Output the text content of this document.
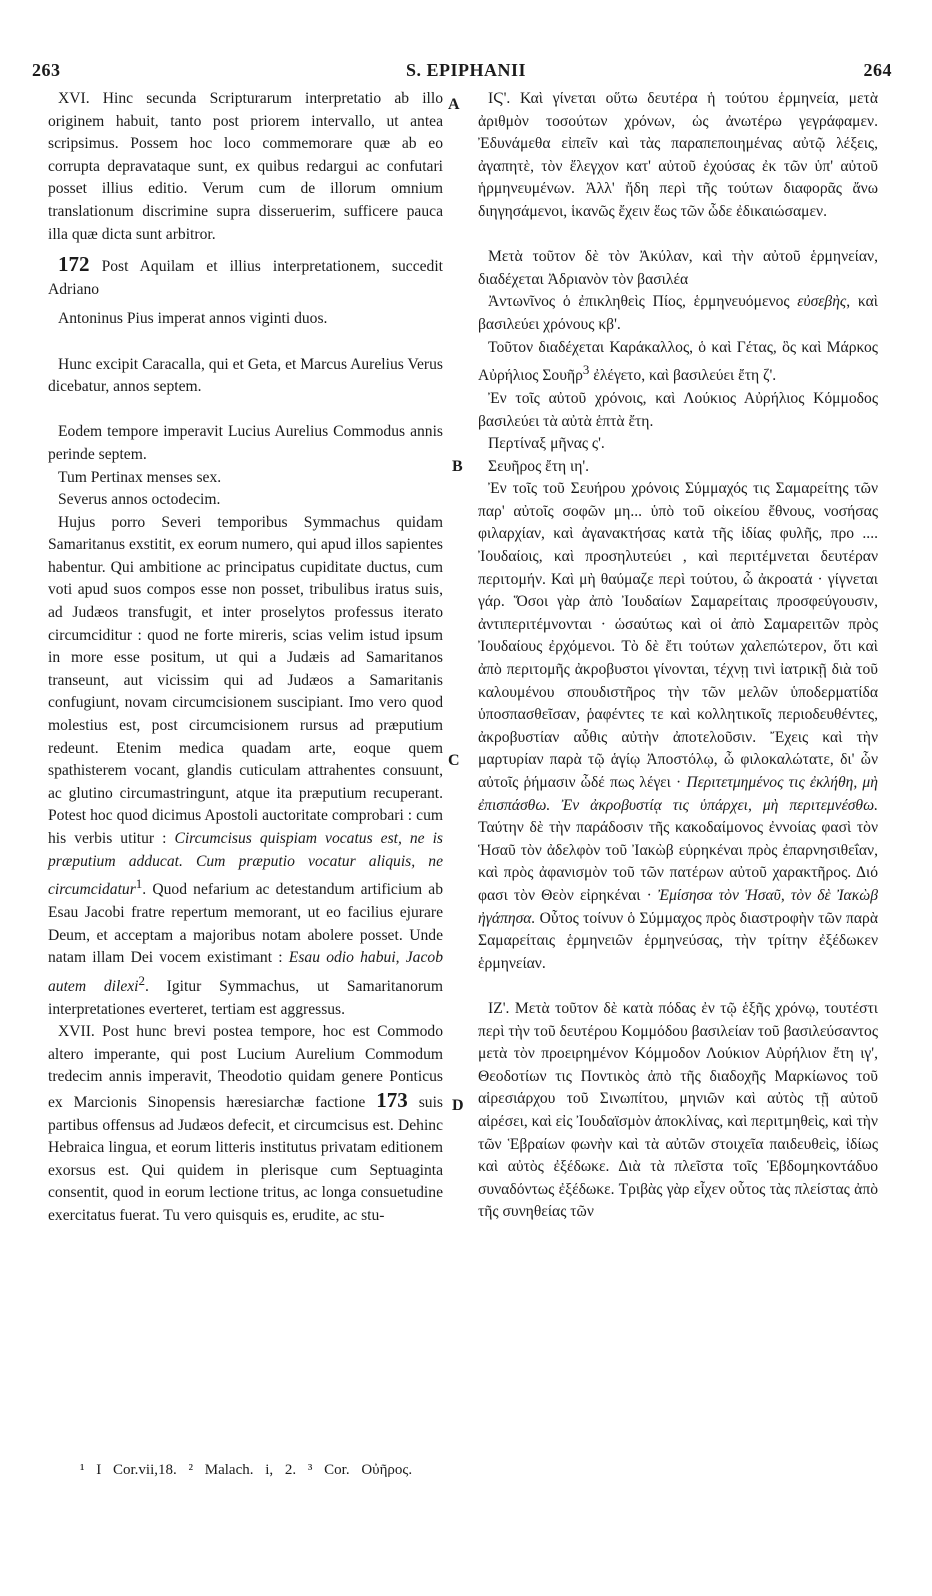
263	S. EPIPHANII	264
A
B
C
D

XVI. Hinc secunda Scripturarum interpretatio ab illo originem habuit, tanto post priorem intervallo, ut antea scripsimus. Possem hoc loco commemorare quæ ab eo corrupta depravataque sunt, ex quibus redargui ac confutari posset illius editio. Verum cum de illorum omnium translationum discrimine supra disseruerim, sufficere pauca illa quæ dicta sunt arbitror.

172 Post Aquilam et illius interpretationem, succedit Adriano

Antoninus Pius imperat annos viginti duos.

Hunc excipit Caracalla, qui et Geta, et Marcus Aurelius Verus dicebatur, annos septem.

Eodem tempore imperavit Lucius Aurelius Commodus annis perinde septem.

Tum Pertinax menses sex.

Severus annos octodecim.

Hujus porro Severi temporibus Symmachus quidam Samaritanus exstitit, ex eorum numero, qui apud illos sapientes habentur. Qui ambitione ac principatus cupiditate ductus, cum voti apud suos compos esse non posset, tribulibus iratus suis, ad Judæos transfugit, et inter proselytos professus iterato circumciditur : quod ne forte mireris, scias velim istud ipsum in more esse positum, ut qui a Judæis ad Samaritanos transeunt, aut vicissim qui ad Judæos a Samaritanis confugiunt, novam circumcisionem suscipiant. Imo vero quod molestius est, post circumcisionem rursus ad præputium redeunt. Etenim medica quadam arte, eoque quem spathisterem vocant, glandis cuticulam attrahentes consuunt, ac glutino circumastringunt, atque ita præputium recuperant. Potest hoc quod dicimus Apostoli auctoritate comprobari : cum his verbis utitur : Circumcisus quispiam vocatus est, ne is præputium adducat. Cum præputio vocatur aliquis, ne circumcidatur$^1$. Quod nefarium ac detestandum artificium ab Esau Jacobi fratre repertum memorant, ut eo facilius ejurare Deum, et acceptam a majoribus notam abolere posset. Unde natam illam Dei vocem existimant : Esau odio habui, Jacob autem dilexi$^2$. Igitur Symmachus, ut Samaritanorum interpretationes everteret, tertiam est aggressus.

XVII. Post hunc brevi postea tempore, hoc est Commodo altero imperante, qui post Lucium Aurelium Commodum tredecim annis imperavit, Theodotio quidam genere Ponticus ex Marcionis Sinopensis hæresiarchæ factione 173 suis partibus offensus ad Judæos defecit, et circumcisus est. Dehinc Hebraica lingua, et eorum litteris institutus privatam editionem exorsus est. Qui quidem in plerisque cum Septuaginta consentit, quod in eorum lectione tritus, ac longa consuetudine exercitatus fuerat. Tu vero quisquis es, erudite, ac stu-

ΙϚ'. Καὶ γίνεται οὕτω δευτέρα ἡ τούτου ἑρμηνεία, μετὰ ἀριθμὸν τοσούτων χρόνων, ὡς ἀνωτέρω γεγράφαμεν. Ἐδυνάμεθα εἰπεῖν καὶ τὰς παραπεποιημένας αὐτῷ λέξεις, ἀγαπητὲ, τὸν ἔλεγχον κατ' αὐτοῦ ἐχούσας ἐκ τῶν ὑπ' αὐτοῦ ἡρμηνευμένων. Ἀλλ' ἤδη περὶ τῆς τούτων διαφορᾶς ἄνω διηγησάμενοι, ἱκανῶς ἔχειν ἕως τῶν ὧδε ἐδικαιώσαμεν.

Μετὰ τοῦτον δὲ τὸν Ἀκύλαν, καὶ τὴν αὐτοῦ ἑρμηνείαν, διαδέχεται Ἀδριανὸν τὸν βασιλέα

Ἀντωνῖνος ὁ ἐπικληθεὶς Πίος, ἑρμηνευόμενος εὐσεβὴς, καὶ βασιλεύει χρόνους κβ'.

Τοῦτον διαδέχεται Καράκαλλος, ὁ καὶ Γέτας, ὃς καὶ Μάρκος Αὐρήλιος Σουῆρ$^3$ ἐλέγετο, καὶ βασιλεύει ἔτη ζ'.

Ἐν τοῖς αὐτοῦ χρόνοις, καὶ Λούκιος Αὐρήλιος Κόμμοδος βασιλεύει τὰ αὐτὰ ἑπτὰ ἔτη.

Περτίναξ μῆνας ς'.

Σευῆρος ἔτη ιη'.

Ἐν τοῖς τοῦ Σευήρου χρόνοις Σύμμαχός τις Σαμαρείτης τῶν παρ' αὐτοῖς σοφῶν μη... ὑπὸ τοῦ οἰκείου ἔθνους, νοσήσας φιλαρχίαν, καὶ ἀγανακτήσας κατὰ τῆς ἰδίας φυλῆς, προ .... Ἰουδαίοις, καὶ προσηλυτεύει , καὶ περιτέμνεται δευτέραν περιτομήν. Καὶ μὴ θαύμαζε περὶ τούτου, ὦ ἀκροατά · γίγνεται γάρ. Ὅσοι γὰρ ἀπὸ Ἰουδαίων Σαμαρείταις προσφεύγουσιν, ἀντιπεριτέμνονται · ὡσαύτως καὶ οἱ ἀπὸ Σαμαρειτῶν πρὸς Ἰουδαίους ἐρχόμενοι. Τὸ δὲ ἔτι τούτων χαλεπώτερον, ὅτι καὶ ἀπὸ περιτομῆς ἀκροβυστοι γίνονται, τέχνῃ τινὶ ἰατρικῇ διὰ τοῦ καλουμένου σπουδιστῆρος τὴν τῶν μελῶν ὑποδερματίδα ὑποσπασθεῖσαν, ῥαφέντες τε καὶ κολλητικοῖς περιοδευθέντες, ἀκροβυστίαν αὖθις αὐτὴν ἀποτελοῦσιν. Ἔχεις καὶ τὴν μαρτυρίαν παρὰ τῷ ἁγίῳ Ἀποστόλῳ, ὦ φιλοκαλώτατε, δι' ὧν αὐτοῖς ῥήμασιν ὧδέ πως λέγει · Περιτετμημένος τις ἐκλήθη, μὴ ἐπισπάσθω. Ἐν ἀκροβυστίᾳ τις ὑπάρχει, μὴ περιτεμνέσθω. Ταύτην δὲ τὴν παράδοσιν τῆς κακοδαίμονος ἐννοίας φασὶ τὸν Ἡσαῦ τὸν ἀδελφὸν τοῦ Ἰακὼβ εὑρηκέναι πρὸς ἐπαρνησιθεΐαν, καὶ πρὸς ἀφανισμὸν τοῦ τῶν πατέρων αὐτοῦ χαρακτῆρος. Διό φασι τὸν Θεὸν εἰρηκέναι · Ἐμίσησα τὸν Ἡσαῦ, τὸν δὲ Ἰακὼβ ἠγάπησα. Οὗτος τοίνυν ὁ Σύμμαχος πρὸς διαστροφὴν τῶν παρὰ Σαμαρείταις ἑρμηνειῶν ἑρμηνεύσας, τὴν τρίτην ἐξέδωκεν ἑρμηνείαν.

ΙΖ'. Μετὰ τοῦτον δὲ κατὰ πόδας ἐν τῷ ἑξῆς χρόνῳ, τουτέστι περὶ τὴν τοῦ δευτέρου Κομμόδου βασιλείαν τοῦ βασιλεύσαντος μετὰ τὸν προειρημένον Κόμμοδον Λούκιον Αὐρήλιον ἔτη ιγ', Θεοδοτίων τις Ποντικὸς ἀπὸ τῆς διαδοχῆς Μαρκίωνος τοῦ αἱρεσιάρχου τοῦ Σινωπίτου, μηνιῶν καὶ αὐτὸς τῇ αὐτοῦ αἱρέσει, καὶ εἰς Ἰουδαϊσμὸν ἀποκλίνας, καὶ περιτμηθεὶς, καὶ τὴν τῶν Ἑβραίων φωνὴν καὶ τὰ αὐτῶν στοιχεῖα παιδευθεὶς, ἰδίως καὶ αὐτὸς ἐξέδωκε. Διὰ τὰ πλεῖστα τοῖς Ἑβδομηκοντάδυο συναδόντως ἐξέδωκε. Τριβὰς γὰρ εἶχεν οὗτος τὰς πλείστας ἀπὸ τῆς συνηθείας τῶν

¹ I Cor.vii,18. ² Malach. i, 2. ³ Cor. Οὐῆρος.
